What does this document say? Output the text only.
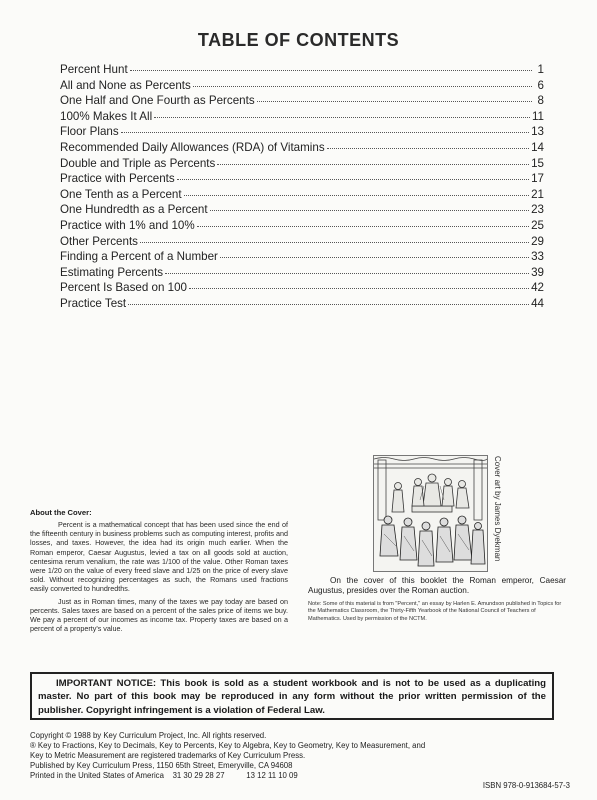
TABLE OF CONTENTS
Percent Hunt	1
All and None as Percents	6
One Half and One Fourth as Percents	8
100% Makes It All	11
Floor Plans	13
Recommended Daily Allowances (RDA) of Vitamins	14
Double and Triple as Percents	15
Practice with Percents	17
One Tenth as a Percent	21
One Hundredth as a Percent	23
Practice with 1% and 10%	25
Other Percents	29
Finding a Percent of a Number	33
Estimating Percents	39
Percent Is Based on 100	42
Practice Test	44
Cover art by James Dyekman
About the Cover:

Percent is a mathematical concept that has been used since the end of the fifteenth century in business problems such as computing interest, profits and losses, and taxes. However, the idea had its origin much earlier. When the Roman emperor, Caesar Augustus, levied a tax on all goods sold at auction, centesima rerum venalium, the rate was 1/100 of the value. Other Roman taxes were 1/20 on the value of every freed slave and 1/25 on the price of every slave sold. Without recognizing percentages as such, the Romans used fractions easily converted to hundredths.

Just as in Roman times, many of the taxes we pay today are based on percents. Sales taxes are based on a percent of the sales price of items we buy. We pay a percent of our incomes as income tax. Property taxes are based on a percent of a property's value.

On the cover of this booklet the Roman emperor, Caesar Augustus, presides over the Roman auction.
Note: Some of this material is from "Percent," an essay by Harlen E. Amundson published in Topics for the Mathematics Classroom, the Thirty-Fifth Yearbook of the National Council of Teachers of Mathematics. Used by permission of the NCTM.
IMPORTANT NOTICE: This book is sold as a student workbook and is not to be used as a duplicating master. No part of this book may be reproduced in any form without the prior written permission of the publisher. Copyright infringement is a violation of Federal Law.
Copyright © 1988 by Key Curriculum Project, Inc. All rights reserved.
® Key to Fractions, Key to Decimals, Key to Percents, Key to Algebra, Key to Geometry, Key to Measurement, and
Key to Metric Measurement are registered trademarks of Key Curriculum Press.
Published by Key Curriculum Press, 1150 65th Street, Emeryville, CA 94608
Printed in the United States of America    31 30 29 28 27          13 12 11 10 09
ISBN 978-0-913684-57-3
